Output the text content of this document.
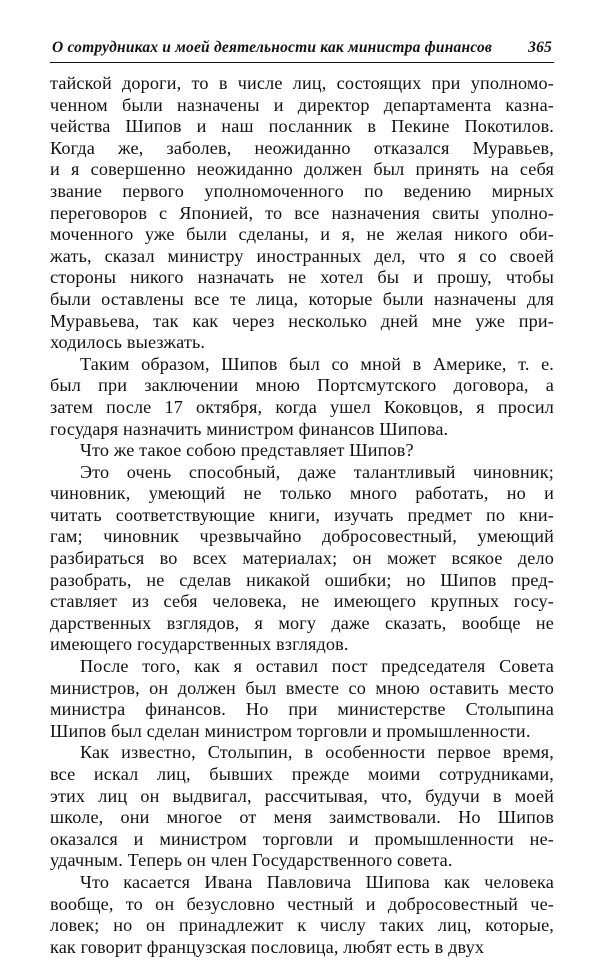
О сотрудниках и моей деятельности как министра финансов 365
тайской дороги, то в числе лиц, состоящих при уполномо-
ченном были назначены и директор департамента казна-
чейства Шипов и наш посланник в Пекине Покотилов.
Когда же, заболев, неожиданно отказался Муравьев,
и я совершенно неожиданно должен был принять на себя
звание первого уполномоченного по ведению мирных
переговоров с Японией, то все назначения свиты уполно-
моченного уже были сделаны, и я, не желая никого оби-
жать, сказал министру иностранных дел, что я со своей
стороны никого назначать не хотел бы и прошу, чтобы
были оставлены все те лица, которые были назначены для
Муравьева, так как через несколько дней мне уже при-
ходилось выезжать.
Таким образом, Шипов был со мной в Америке, т. е.
был при заключении мною Портсмутского договора, а
затем после 17 октября, когда ушел Коковцов, я просил
государя назначить министром финансов Шипова.
Что же такое собою представляет Шипов?
Это очень способный, даже талантливый чиновник;
чиновник, умеющий не только много работать, но и
читать соответствующие книги, изучать предмет по кни-
гам; чиновник чрезвычайно добросовестный, умеющий
разбираться во всех материалах; он может всякое дело
разобрать, не сделав никакой ошибки; но Шипов пред-
ставляет из себя человека, не имеющего крупных госу-
дарственных взглядов, я могу даже сказать, вообще не
имеющего государственных взглядов.
После того, как я оставил пост председателя Совета
министров, он должен был вместе со мною оставить место
министра финансов. Но при министерстве Столыпина
Шипов был сделан министром торговли и промышленности.
Как известно, Столыпин, в особенности первое время,
все искал лиц, бывших прежде моими сотрудниками,
этих лиц он выдвигал, рассчитывая, что, будучи в моей
школе, они многое от меня заимствовали. Но Шипов
оказался и министром торговли и промышленности не-
удачным. Теперь он член Государственного совета.
Что касается Ивана Павловича Шипова как человека
вообще, то он безусловно честный и добросовестный че-
ловек; но он принадлежит к числу таких лиц, которые,
как говорит французская пословица, любят есть в двух
